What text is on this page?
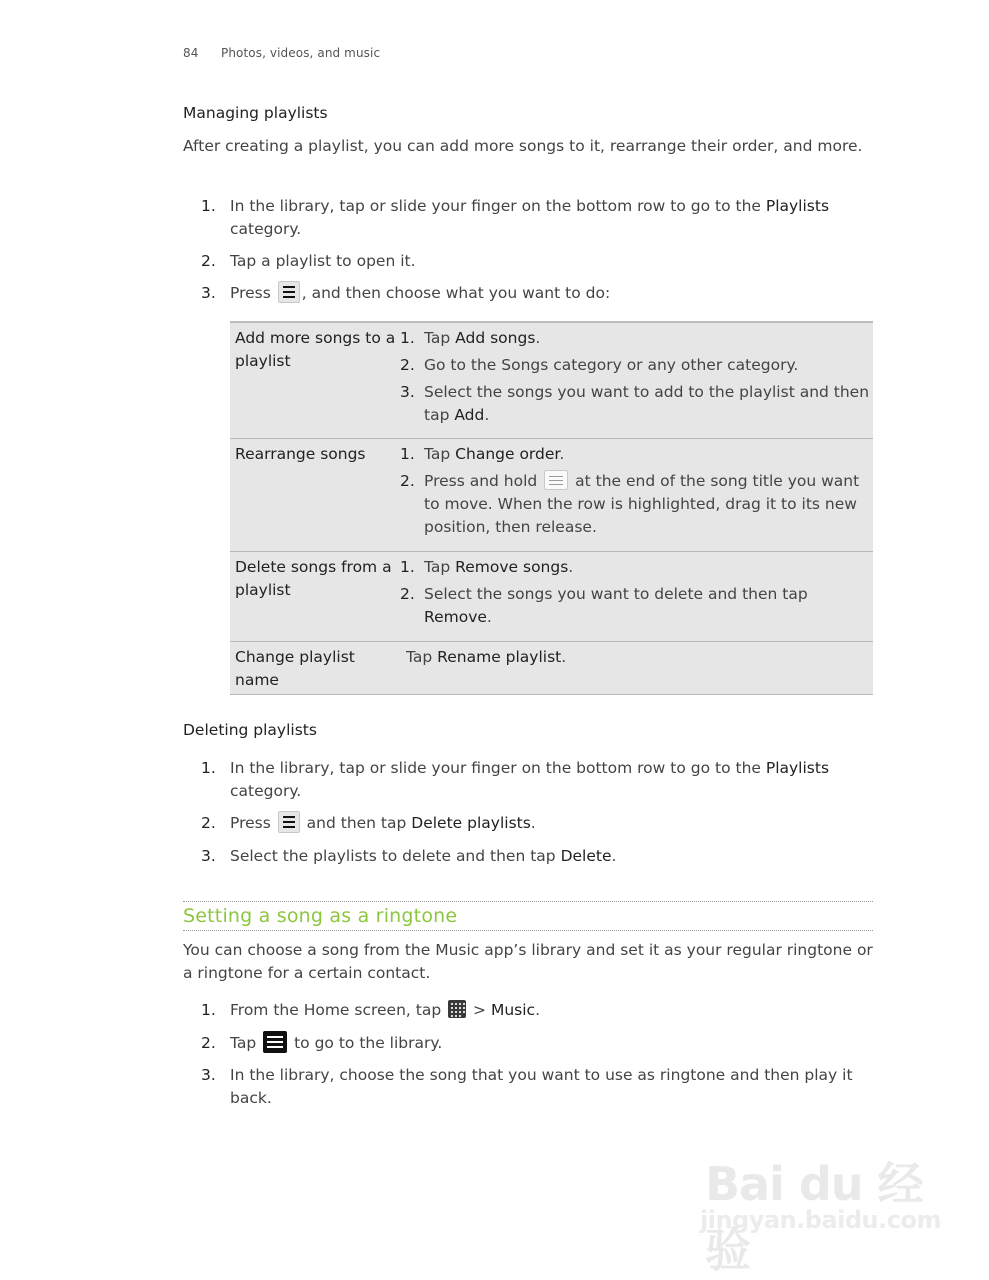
84 Photos, videos, and music
Managing playlists
After creating a playlist, you can add more songs to it, rearrange their order, and more.
1. In the library, tap or slide your finger on the bottom row to go to the Playlists category.
2. Tap a playlist to open it.
3. Press
, and then choose what you want to do:
Add more songs to a playlist
1. Tap Add songs.
2. Go to the Songs category or any other category.
3. Select the songs you want to add to the playlist and then tap Add.
Rearrange songs	1. Tap Change order.
2. Press and hold
at the end of the song title you want to move. When the row is highlighted, drag it to its new position, then release.
Delete songs from a playlist
1. Tap Remove songs.
2. Select the songs you want to delete and then tap Remove.
Change playlist name
Tap Rename playlist.
Deleting playlists
1. In the library, tap or slide your finger on the bottom row to go to the Playlists category.
2. Press
and then tap Delete playlists.
3. Select the playlists to delete and then tap Delete.
Setting a song as a ringtone
You can choose a song from the Music app’s library and set it as your regular ringtone or a ringtone for a certain contact.
1. From the Home screen, tap
> Music.
2. Tap
to go to the library.
3. In the library, choose the song that you want to use as ringtone and then play it back.
Bai du 经验
jingyan.baidu.com
